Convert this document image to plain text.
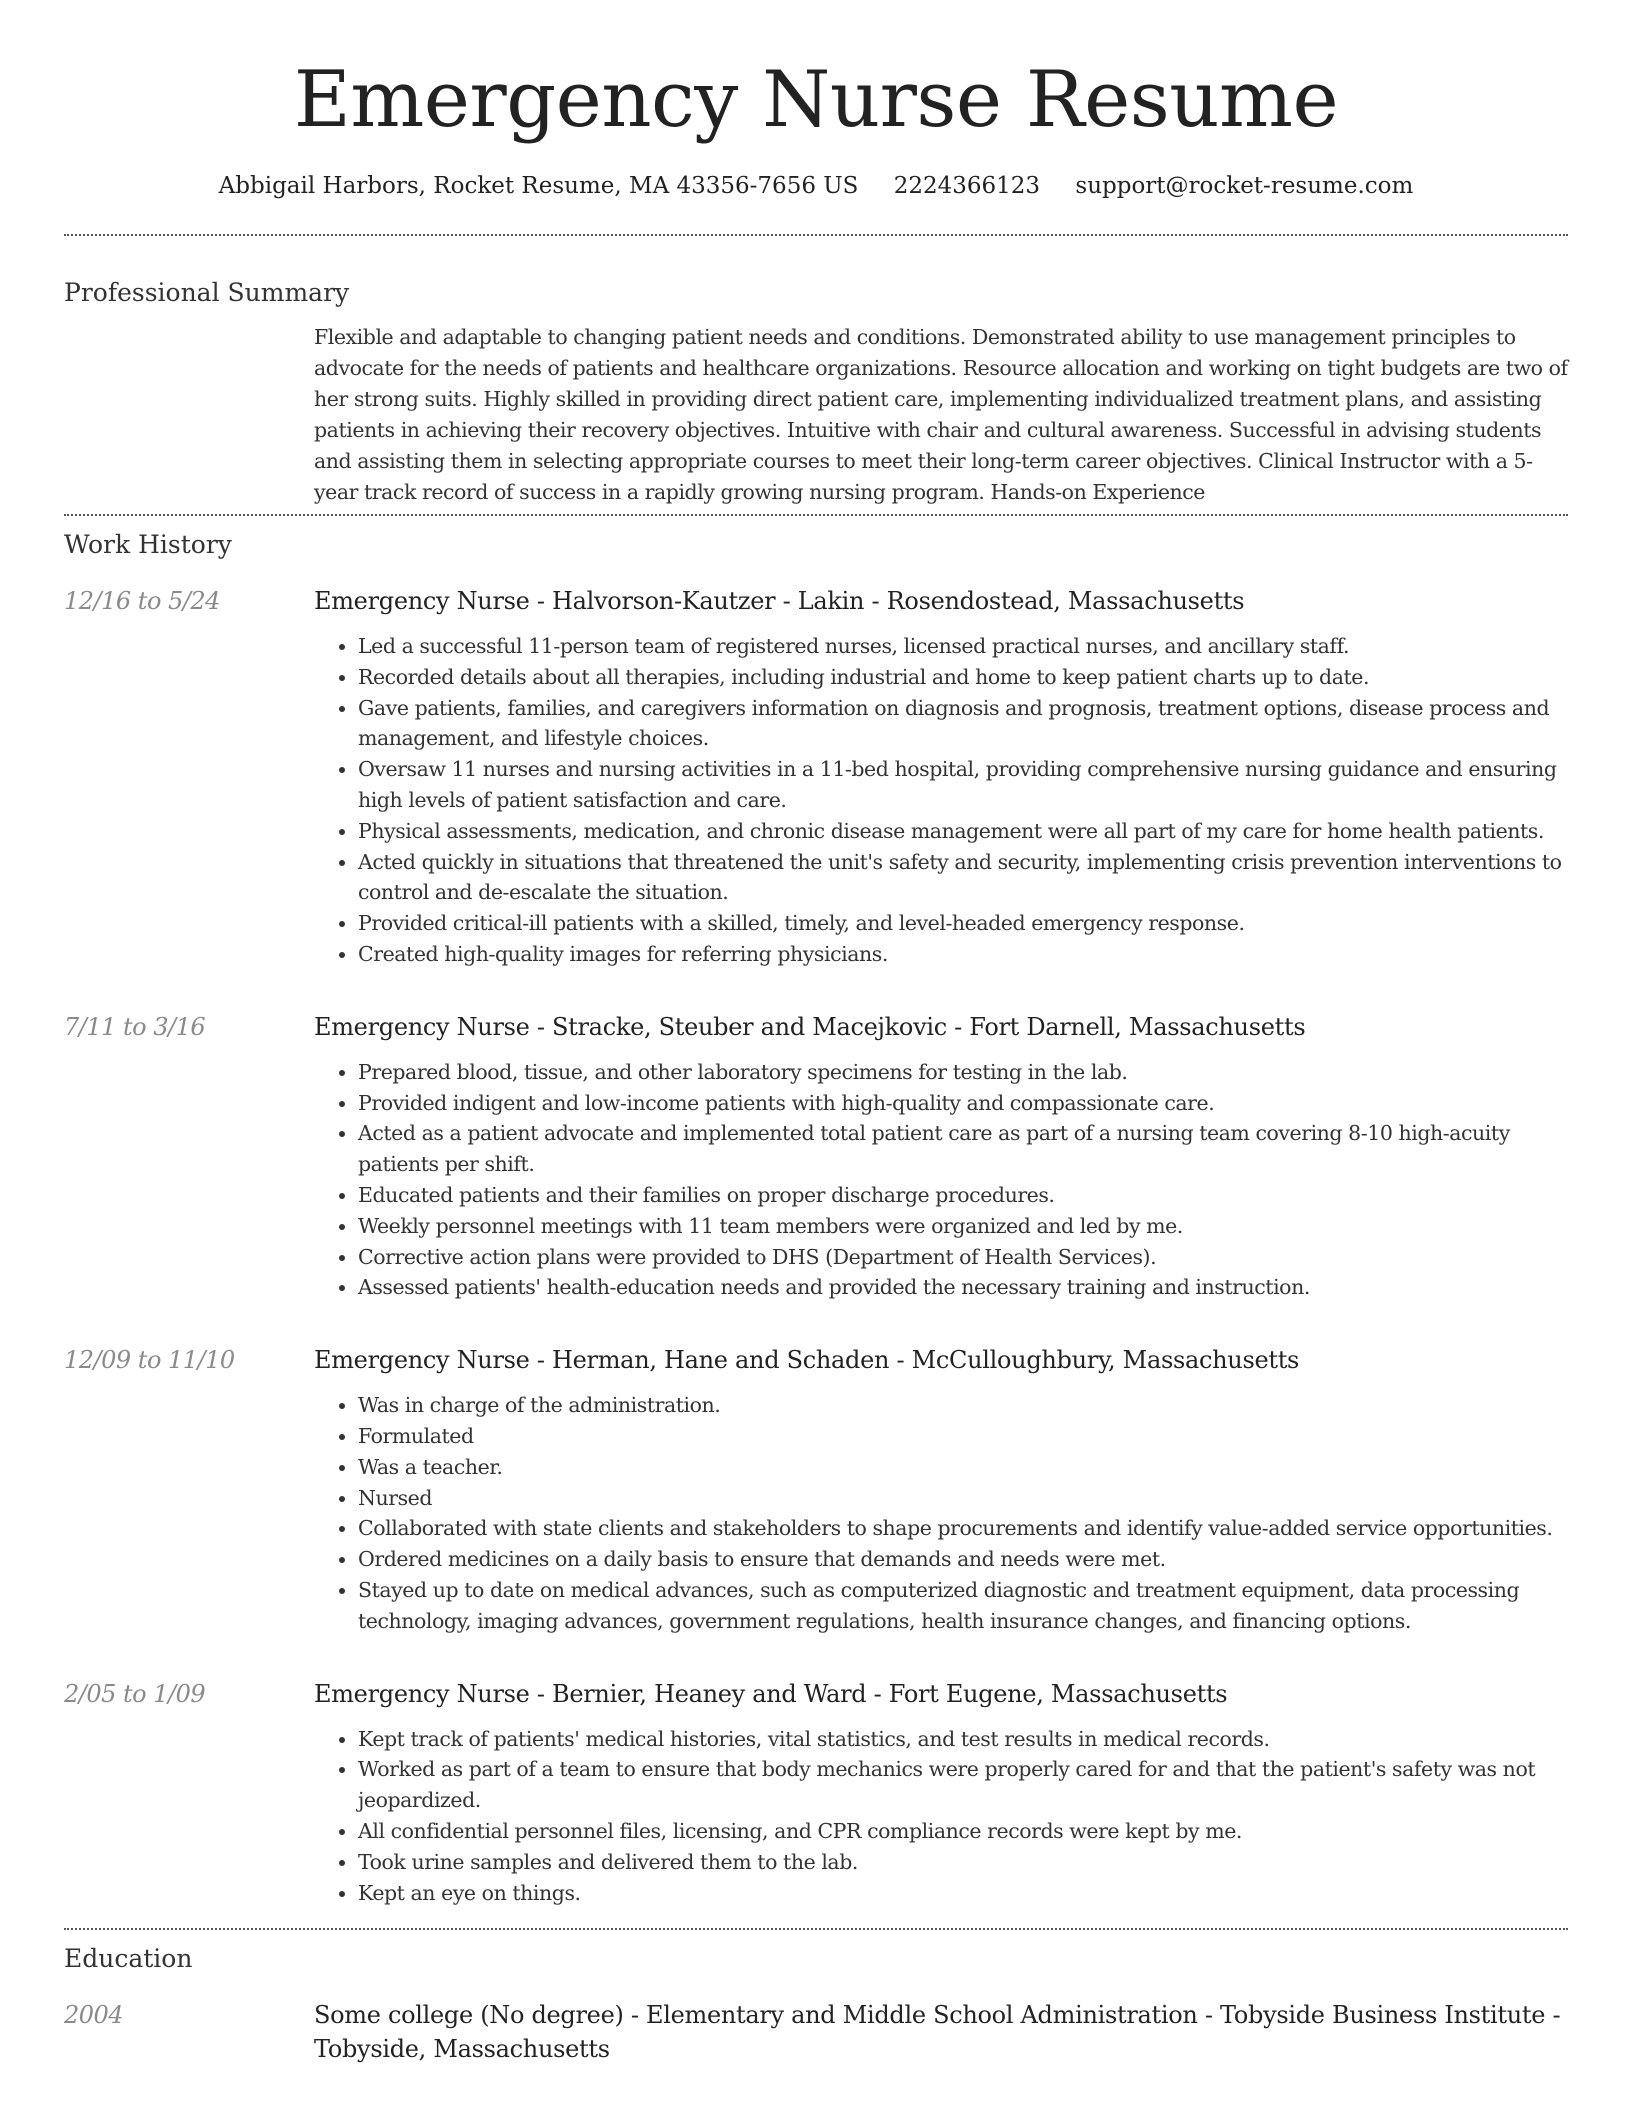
Emergency Nurse Resume
Abbigail Harbors, Rocket Resume, MA 43356-7656 US 2224366123 support@rocket-resume.com
Professional Summary

Flexible and adaptable to changing patient needs and conditions. Demonstrated ability to use management principles to advocate for the needs of patients and healthcare organizations. Resource allocation and working on tight budgets are two of her strong suits. Highly skilled in providing direct patient care, implementing individualized treatment plans, and assisting patients in achieving their recovery objectives. Intuitive with chair and cultural awareness. Successful in advising students and assisting them in selecting appropriate courses to meet their long-term career objectives. Clinical Instructor with a 5-year track record of success in a rapidly growing nursing program. Hands-on Experience

Work History
12/16 to 5/24	Emergency Nurse - Halvorson-Kautzer - Lakin - Rosendostead, Massachusetts
• Led a successful 11-person team of registered nurses, licensed practical nurses, and ancillary staff.
• Recorded details about all therapies, including industrial and home to keep patient charts up to date.
• Gave patients, families, and caregivers information on diagnosis and prognosis, treatment options, disease process and management, and lifestyle choices.
• Oversaw 11 nurses and nursing activities in a 11-bed hospital, providing comprehensive nursing guidance and ensuring high levels of patient satisfaction and care.
• Physical assessments, medication, and chronic disease management were all part of my care for home health patients.
• Acted quickly in situations that threatened the unit's safety and security, implementing crisis prevention interventions to control and de-escalate the situation.
• Provided critical-ill patients with a skilled, timely, and level-headed emergency response.
• Created high-quality images for referring physicians.
7/11 to 3/16	Emergency Nurse - Stracke, Steuber and Macejkovic - Fort Darnell, Massachusetts
• Prepared blood, tissue, and other laboratory specimens for testing in the lab.
• Provided indigent and low-income patients with high-quality and compassionate care.
• Acted as a patient advocate and implemented total patient care as part of a nursing team covering 8-10 high-acuity patients per shift.
• Educated patients and their families on proper discharge procedures.
• Weekly personnel meetings with 11 team members were organized and led by me.
• Corrective action plans were provided to DHS (Department of Health Services).
• Assessed patients' health-education needs and provided the necessary training and instruction.
12/09 to 11/10	Emergency Nurse - Herman, Hane and Schaden - McCulloughbury, Massachusetts
• Was in charge of the administration.
• Formulated
• Was a teacher.
• Nursed
• Collaborated with state clients and stakeholders to shape procurements and identify value-added service opportunities.
• Ordered medicines on a daily basis to ensure that demands and needs were met.
• Stayed up to date on medical advances, such as computerized diagnostic and treatment equipment, data processing technology, imaging advances, government regulations, health insurance changes, and financing options.
2/05 to 1/09	Emergency Nurse - Bernier, Heaney and Ward - Fort Eugene, Massachusetts
• Kept track of patients' medical histories, vital statistics, and test results in medical records.
• Worked as part of a team to ensure that body mechanics were properly cared for and that the patient's safety was not jeopardized.
• All confidential personnel files, licensing, and CPR compliance records were kept by me.
• Took urine samples and delivered them to the lab.
• Kept an eye on things.
Education
2004	Some college (No degree) - Elementary and Middle School Administration - Tobyside Business Institute - Tobyside, Massachusetts
